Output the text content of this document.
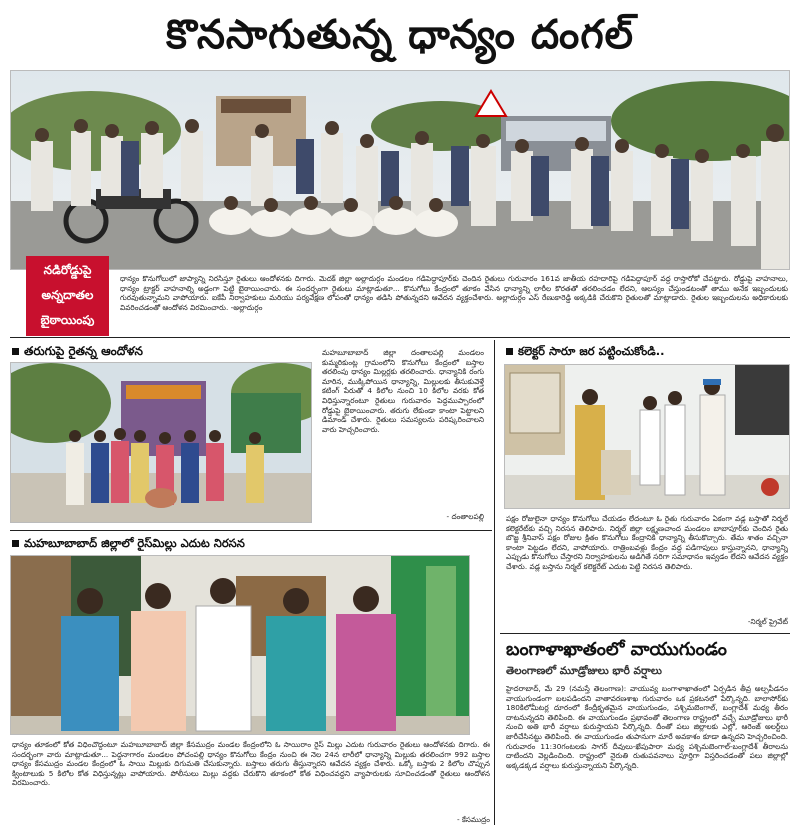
కొనసాగుతున్న ధాన్యం దంగల్
నడిరోడ్డుపై
అన్నదాతల
బైఠాయింపు
ధాన్యం కొనుగోలులో జాప్యాన్ని నిరసిస్తూ రైతులు ఆందోళనకు దిగారు. మెదక్ జిల్లా అల్లాదుర్గం మండలం గడిపెద్దాపూర్‌కు చెందిన రైతులు గురువారం 161వ జాతీయ రహదారిపై గడిపెద్దాపూర్ వద్ద రాస్తారోకో చేపట్టారు. రోడ్డుపై వాహనాలు, ధాన్యం ట్రాక్టర్ వాహనాల్ని అడ్డంగా పెట్టి బైఠాయించారు. ఈ సందర్భంగా రైతులు మాట్లాడుతూ... కొనుగోలు కేంద్రంలో తూకం వేసిన ధాన్యాన్ని లారీల కొరతతో తరలించడం లేదని, ఆలస్యం చేస్తుండటంతో తాము అనేక ఇబ్బందులకు గురవుతున్నామని వాపోయారు. ఐకేపీ నిర్వాహకులు మరియు పర్యవేక్షణ లోపంతో ధాన్యం తడిసి పోతున్నదని ఆవేదన వ్యక్తంచేశారు. అల్లాదుర్గం ఎస్ రేణుకారెడ్డి అక్కడికి చేరుకొని రైతులతో మాట్లాడారు. రైతుల ఇబ్బందులను అధికారులకు వివరించడంతో ఆందోళన విరమించారు. -అల్లాదుర్గం
తరుగుపై రైతన్న ఆందోళన	మహబూబాబాద్ జిల్లా దంతాలపల్లి మండలం కుమ్మరికుంట్ల గ్రామంలోని కొనుగోలు కేంద్రంలో బస్తాల తరలింపు ధాన్యం మిల్లర్లకు తరలించారు. ధాన్యానికి రంగు మారిన, ముక్కిపోయిన ధాన్యాన్ని, మిల్లులకు తీసుకువెళ్తే కటింగ్ పేరుతో 4 కిలోల నుంచి 10 కిలోల వరకు కోత విధిస్తున్నారంటూ రైతులు గురువారం పెద్దముప్పారంలో రోడ్డుపై బైఠాయించారు. తరుగు లేకుండా కాంటా పెట్టాలని డిమాండ్ చేశారు. రైతులు సమస్యలను పరిష్కరించాలని వారు హెచ్చరించారు.
- దంతాలపల్లి
మహబూబాబాద్ జిల్లాలో రైస్‌మిల్లు ఎదుట నిరసన
ధాన్యం తూకంలో కోత విధించొద్దంటూ మహబూబాబాద్ జిల్లా కేసముద్రం మండల కేంద్రంలోని ఓ సాయిరాం రైస్ మిల్లు ఎదుట గురువారం రైతులు ఆందోళనకు దిగారు. ఈ సందర్భంగా వారు మాట్లాడుతూ... పెద్దనాగారం మండలం పోచంపల్లి ధాన్యం కొనుగోలు కేంద్రం నుంచి ఈ నెల 24న లారీలో ధాన్యాన్ని మిల్లుకు తరలించగా 992 బస్తాల ధాన్యం కేసముద్రం మండల కేంద్రంలో ఓ సాయి మిల్లుకు దిగుమతి చేసుకున్నారు. బస్తాలు తరుగు తీస్తున్నారని ఆవేదన వ్యక్తం చేశారు. ఒక్కో బస్తాకు 2 కిలోల చొప్పున క్వింటాలుకు 5 కిలోల కోత విధిస్తున్నట్లు వాపోయారు. పోలీసులు మిల్లు వద్దకు చేరుకొని తూకంలో కోత విధించవద్దని వ్యాపారులకు సూచించడంతో రైతులు ఆందోళన విరమించారు.
- కేసముద్రం
కలెక్టర్ సారూ జర పట్టించుకోండి..
పక్షం రోజులైనా ధాన్యం కొనుగోలు చేయడం లేదంటూ ఓ రైతు గురువారం ఏకంగా వడ్ల బస్తాతో నిర్మల్ కలెక్టరేట్‌కు వచ్చి నిరసన తెలిపారు. నిర్మల్ జిల్లా లక్ష్మణచాంద మండలం బాబాపూర్‌కు చెందిన రైతు బొజ్జ శ్రీనివాస్ పక్షం రోజుల క్రితం కొనుగోలు కేంద్రానికి ధాన్యాన్ని తీసుకొచ్చారు. తేమ శాతం వచ్చినా కాంటా పెట్టడం లేదని, వాపోయారు. రాత్రింబవళ్లు కేంద్రం వద్ద పడిగాపులు కాస్తున్నానని, ధాన్యాన్ని ఎప్పుడు కొనుగోలు చేస్తారని నిర్వాహకులను అడిగితే సరిగా సమాధానం ఇవ్వడం లేదని ఆవేదన వ్యక్తం చేశారు. వడ్ల బస్తాను నిర్మల్ కలెక్టరేట్ ఎదుట పెట్టి నిరసన తెలిపారు.
-నిర్మల్ ప్రైవేట్
బంగాళాఖాతంలో వాయుగుండం
తెలంగాణలో మూడ్రోజులు భారీ వర్షాలు
హైదరాబాద్, మే 29 (నమస్తే తెలంగాణ): వాయువ్య బంగాళాఖాతంలో ఏర్పడిన తీవ్ర అల్పపీడనం వాయుగుండంగా బలపడిందని వాతావరణశాఖ గురువారం ఒక ప్రకటనలో పేర్కొన్నది. బాలాసోర్‌కు 180కిలోమీటర్ల దూరంలో కేంద్రీకృతమైన వాయుగుండం, పశ్చిమబెంగాల్, బంగ్లాదేశ్ మధ్య తీరం దాటనున్నదని తెలిపింది. ఈ వాయుగుండం ప్రభావంతో తెలంగాణ రాష్ట్రంలో వచ్చే మూడ్రోజులు భారీ నుంచి అతి భారీ వర్షాలు కురుస్తాయని పేర్కొన్నది. దీంతో పలు జిల్లాలకు ఎల్లో, ఆరెంజ్ అలర్ట్‌లు జారీచేసినట్టు తెలిపింది. ఈ వాయుగుండం తుపానుగా మారే అవకాశం కూడా ఉన్నదని హెచ్చరించింది. గురువారం 11:30గంటలకు సాగర్ దీవులు-ఖేపుపారా మధ్య పశ్చిమబెంగాల్-బంగ్లాదేశ్ తీరాలను దాటిందని వెల్లడించింది. రాష్ట్రంలో నైరుతి రుతుపవనాలు పూర్తిగా విస్తరించడంతో పలు జిల్లాల్లో అక్కడక్కడ వర్షాలు కురుస్తున్నాయని పేర్కొన్నది.
